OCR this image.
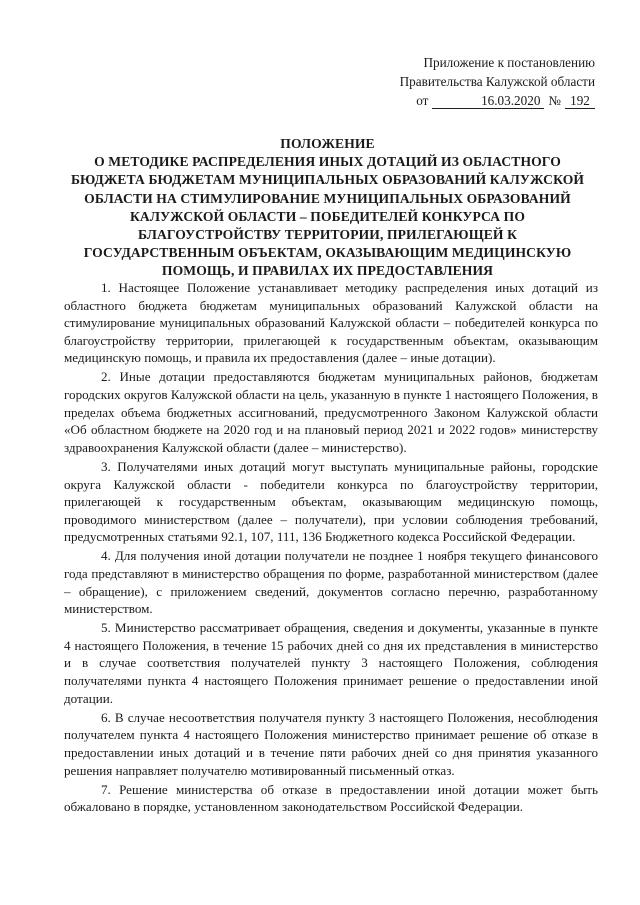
Приложение к постановлению
Правительства Калужской области
от	16.03.2020 № 192
ПОЛОЖЕНИЕ
О МЕТОДИКЕ РАСПРЕДЕЛЕНИЯ ИНЫХ ДОТАЦИЙ ИЗ ОБЛАСТНОГО
БЮДЖЕТА БЮДЖЕТАМ МУНИЦИПАЛЬНЫХ ОБРАЗОВАНИЙ КАЛУЖСКОЙ
ОБЛАСТИ НА СТИМУЛИРОВАНИЕ МУНИЦИПАЛЬНЫХ ОБРАЗОВАНИЙ
КАЛУЖСКОЙ ОБЛАСТИ – ПОБЕДИТЕЛЕЙ КОНКУРСА ПО
БЛАГОУСТРОЙСТВУ ТЕРРИТОРИИ, ПРИЛЕГАЮЩЕЙ К
ГОСУДАРСТВЕННЫМ ОБЪЕКТАМ, ОКАЗЫВАЮЩИМ МЕДИЦИНСКУЮ
ПОМОЩЬ, И ПРАВИЛАХ ИХ ПРЕДОСТАВЛЕНИЯ

1. Настоящее Положение устанавливает методику распределения иных дотаций из областного бюджета бюджетам муниципальных образований Калужской области на стимулирование муниципальных образований Калужской области – победителей конкурса по благоустройству территории, прилегающей к государственным объектам, оказывающим медицинскую помощь, и правила их предоставления (далее – иные дотации).

2. Иные дотации предоставляются бюджетам муниципальных районов, бюджетам городских округов Калужской области на цель, указанную в пункте 1 настоящего Положения, в пределах объема бюджетных ассигнований, предусмотренного Законом Калужской области «Об областном бюджете на 2020 год и на плановый период 2021 и 2022 годов» министерству здравоохранения Калужской области (далее – министерство).

3. Получателями иных дотаций могут выступать муниципальные районы, городские округа Калужской области - победители конкурса по благоустройству территории, прилегающей к государственным объектам, оказывающим медицинскую помощь, проводимого министерством (далее – получатели), при условии соблюдения требований, предусмотренных статьями 92.1, 107, 111, 136 Бюджетного кодекса Российской Федерации.

4. Для получения иной дотации получатели не позднее 1 ноября текущего финансового года представляют в министерство обращения по форме, разработанной министерством (далее – обращение), с приложением сведений, документов согласно перечню, разработанному министерством.

5. Министерство рассматривает обращения, сведения и документы, указанные в пункте 4 настоящего Положения, в течение 15 рабочих дней со дня их представления в министерство и в случае соответствия получателей пункту 3 настоящего Положения, соблюдения получателями пункта 4 настоящего Положения принимает решение о предоставлении иной дотации.

6. В случае несоответствия получателя пункту 3 настоящего Положения, несоблюдения получателем пункта 4 настоящего Положения министерство принимает решение об отказе в предоставлении иных дотаций и в течение пяти рабочих дней со дня принятия указанного решения направляет получателю мотивированный письменный отказ.

7. Решение министерства об отказе в предоставлении иной дотации может быть обжаловано в порядке, установленном законодательством Российской Федерации.
